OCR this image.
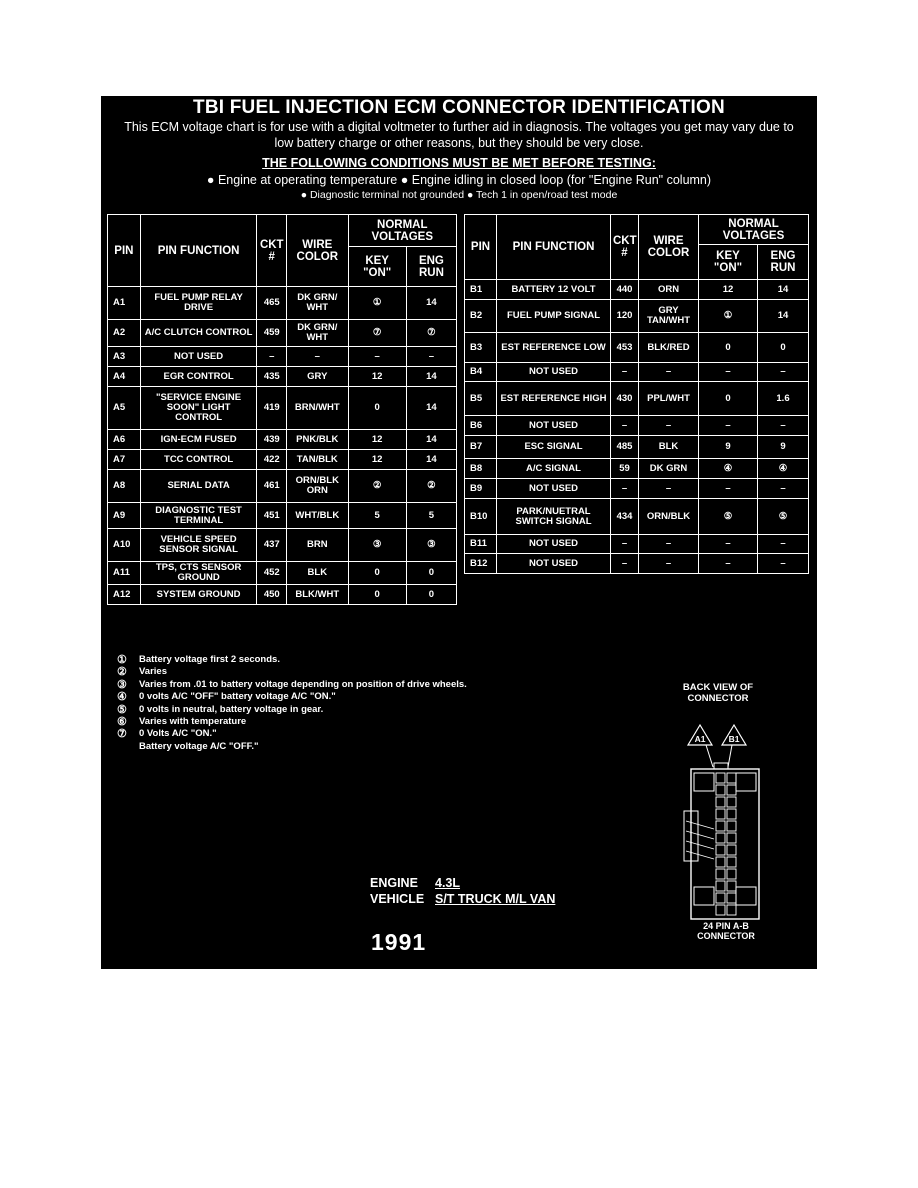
TBI FUEL INJECTION ECM CONNECTOR IDENTIFICATION
This ECM voltage chart is for use with a digital voltmeter to further aid in diagnosis. The voltages you get may vary due to low battery charge or other reasons, but they should be very close.
THE FOLLOWING CONDITIONS MUST BE MET BEFORE TESTING:
● Engine at operating temperature ● Engine idling in closed loop (for "Engine Run" column)
● Diagnostic terminal not grounded ● Tech 1 in open/road test mode
PIN	PIN FUNCTION	CKT #	WIRE COLOR	NORMAL VOLTAGES	
				KEY "ON"	ENG RUN
A1	FUEL PUMP RELAY DRIVE	465	DK GRN/ WHT	①	14
A2	A/C CLUTCH CONTROL	459	DK GRN/ WHT	⑦	⑦
A3	NOT USED	–	–	–	–
A4	EGR CONTROL	435	GRY	12	14
A5	"SERVICE ENGINE SOON" LIGHT CONTROL	419	BRN/WHT	0	14
A6	IGN-ECM FUSED	439	PNK/BLK	12	14
A7	TCC CONTROL	422	TAN/BLK	12	14
A8	SERIAL DATA	461	ORN/BLK ORN	②	②
A9	DIAGNOSTIC TEST TERMINAL	451	WHT/BLK	5	5
A10	VEHICLE SPEED SENSOR SIGNAL	437	BRN	③	③
A11	TPS, CTS SENSOR GROUND	452	BLK	0	0
A12	SYSTEM GROUND	450	BLK/WHT	0	0
PIN	PIN FUNCTION	CKT #	WIRE COLOR	NORMAL VOLTAGES	
				KEY "ON"	ENG RUN
B1	BATTERY 12 VOLT	440	ORN	12	14
B2	FUEL PUMP SIGNAL	120	GRY TAN/WHT	①	14
B3	EST REFERENCE LOW	453	BLK/RED	0	0
B4	NOT USED	–	–	–	–
B5	EST REFERENCE HIGH	430	PPL/WHT	0	1.6
B6	NOT USED	–	–	–	–
B7	ESC SIGNAL	485	BLK	9	9
B8	A/C SIGNAL	59	DK GRN	④	④
B9	NOT USED	–	–	–	–
B10	PARK/NUETRAL SWITCH SIGNAL	434	ORN/BLK	⑤	⑤
B11	NOT USED	–	–	–	–
B12	NOT USED	–	–	–	–
①	Battery voltage first 2 seconds.
②	Varies
③	Varies from .01 to battery voltage depending on position of drive wheels.
④	0 volts A/C "OFF" battery voltage A/C "ON."
⑤	0 volts in neutral, battery voltage in gear.
⑥	Varies with temperature
⑦	0 Volts A/C "ON."
Battery voltage A/C "OFF."
BACK VIEW OF CONNECTOR
A1	B1
24 PIN A-B CONNECTOR
ENGINE 4.3L
VEHICLE S/T TRUCK M/L VAN
1991
